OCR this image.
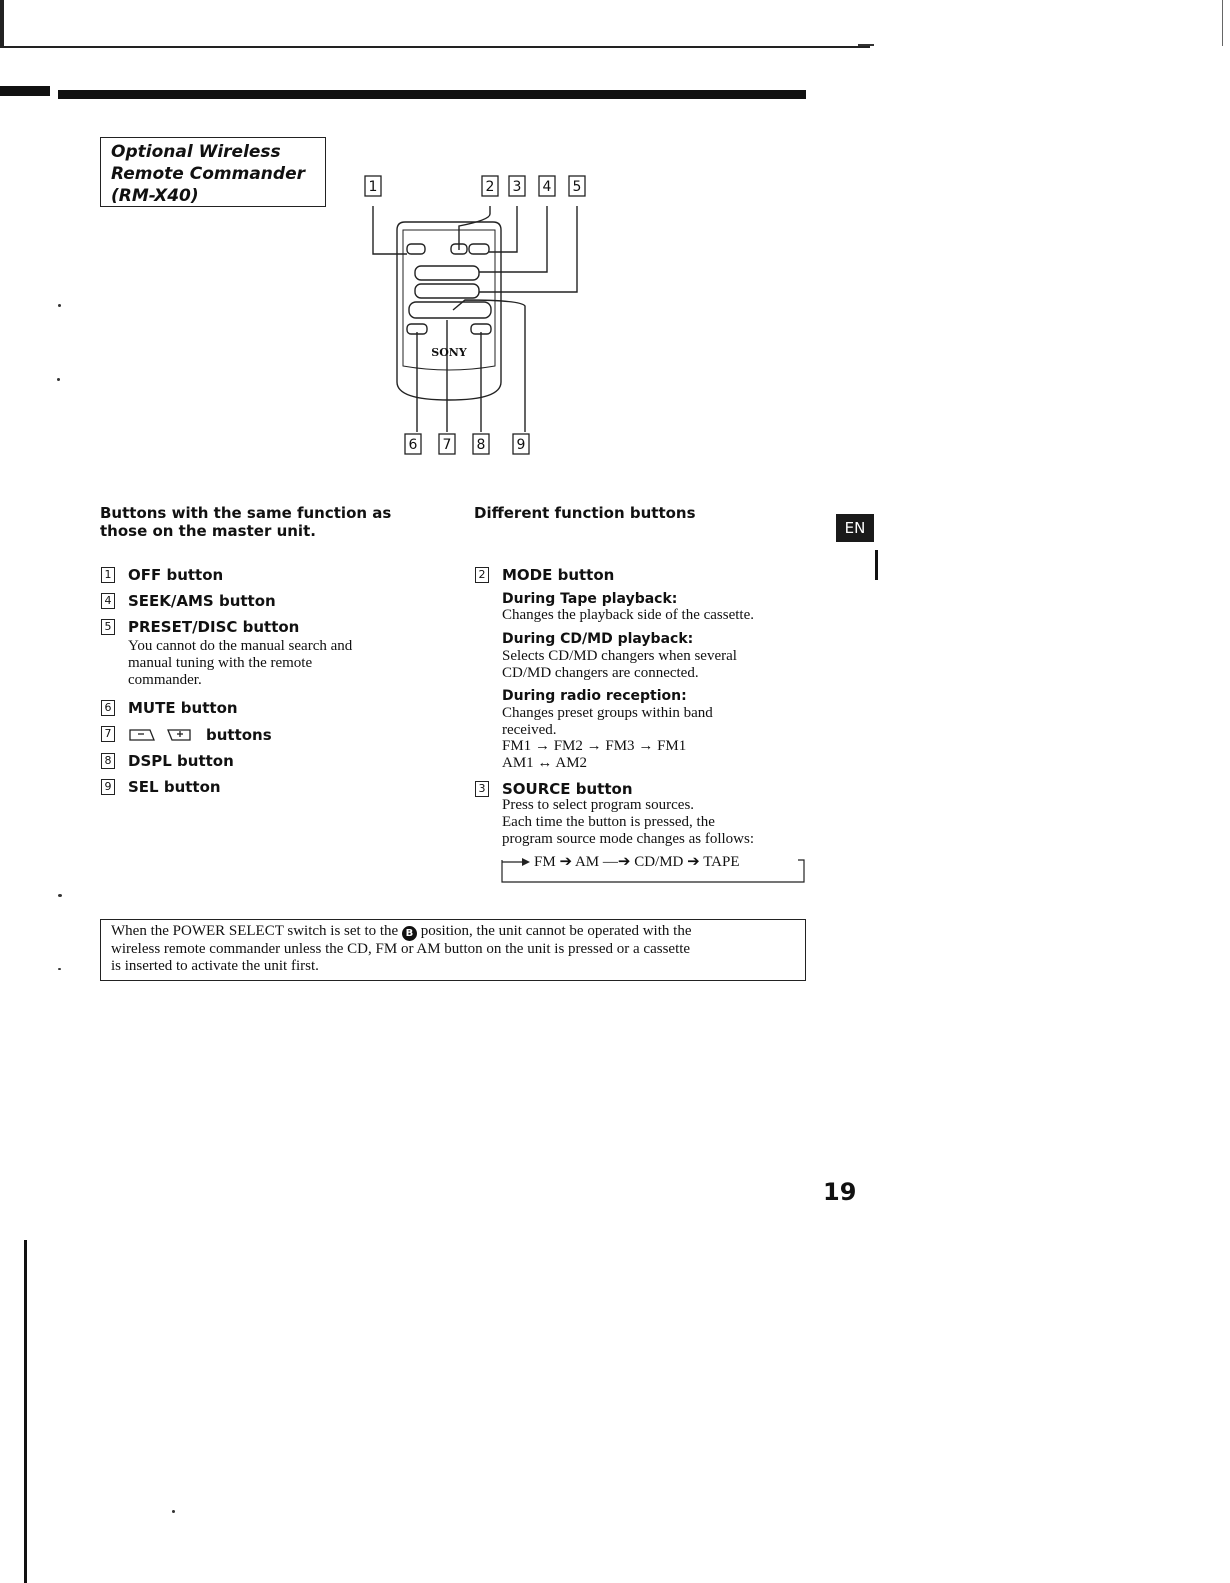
Optional Wireless
Remote Commander
(RM-X40)	1	2 3 4 5
6 7 8 9
SONY
Buttons with the same function as
those on the master unit.
1 OFF button
4 SEEK/AMS button
5 PRESET/DISC button
You cannot do the manual search and
manual tuning with the remote
commander.
6 MUTE button
7	buttons
8 DSPL button
9 SEL button
Different function buttons
2 MODE button
During Tape playback:
Changes the playback side of the cassette.
During CD/MD playback:
Selects CD/MD changers when several
CD/MD changers are connected.
During radio reception:
Changes preset groups within band
received.
FM1 → FM2 → FM3 → FM1
AM1 ↔ AM2
3 SOURCE button
Press to select program sources.
Each time the button is pressed, the
program source mode changes as follows:
FM ➔ AM —➔ CD/MD ➔ TAPE
EN
When the POWER SELECT switch is set to the B position, the unit cannot be operated with the
wireless remote commander unless the CD, FM or AM button on the unit is pressed or a cassette
is inserted to activate the unit first.
19
